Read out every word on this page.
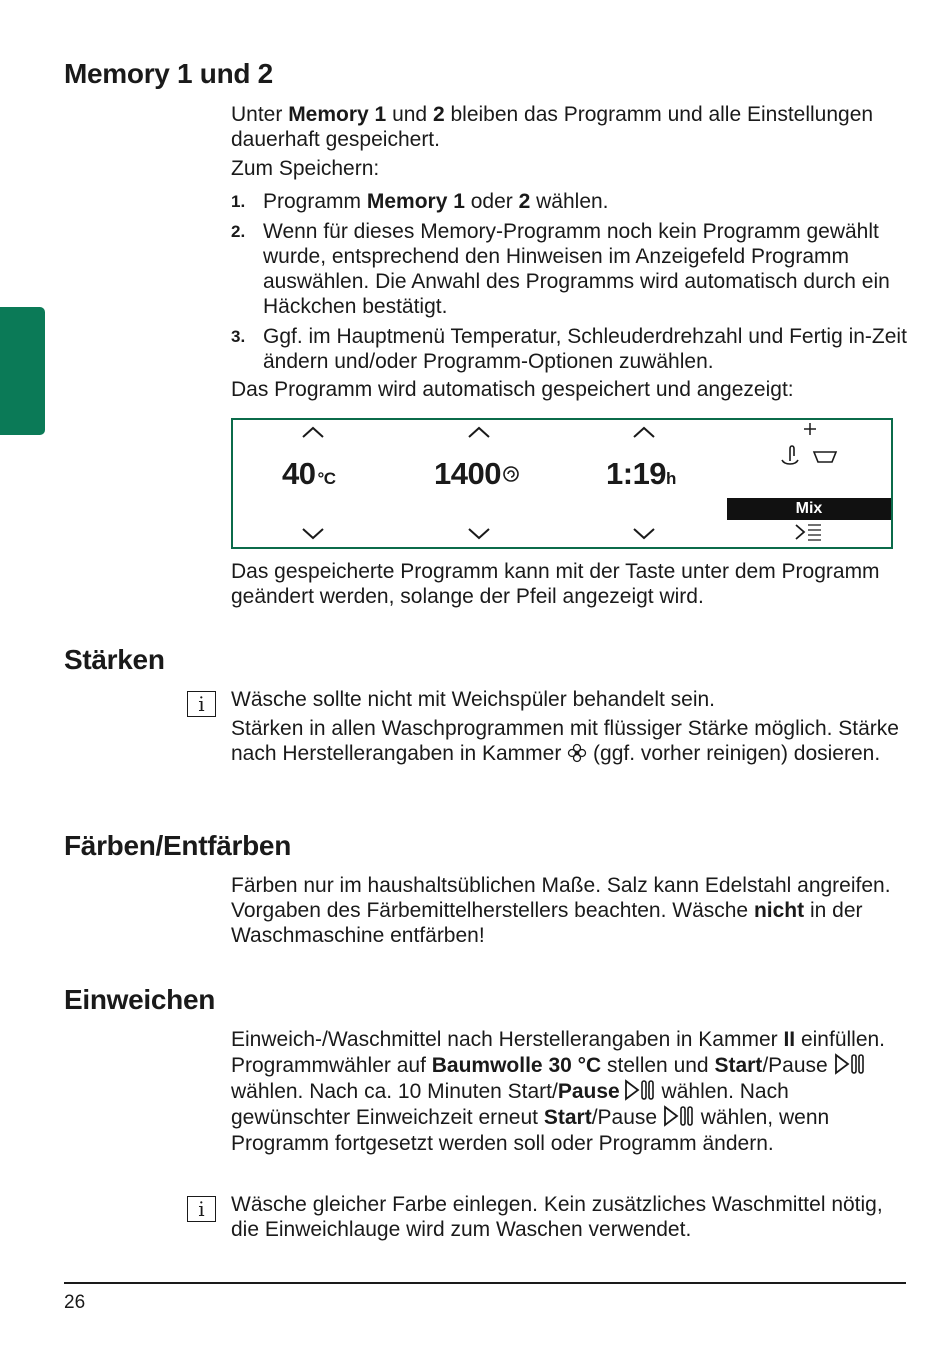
Memory 1 und 2

Unter Memory 1 und 2 bleiben das Programm und alle Einstellungen dauerhaft gespeichert.

Zum Speichern:

1. Programm Memory 1 oder 2 wählen.
2. Wenn für dieses Memory-Programm noch kein Programm gewählt wurde, entsprechend den Hinweisen im Anzeigefeld Programm auswählen. Die Anwahl des Programms wird automatisch durch ein Häckchen bestätigt.
3. Ggf. im Hauptmenü Temperatur, Schleuderdrehzahl und Fertig in-Zeit ändern und/oder Programm-Optionen zuwählen.

Das Programm wird automatisch gespeichert und angezeigt:

40 °C	1400	1:19h
Mix

Das gespeicherte Programm kann mit der Taste unter dem Programm geändert werden, solange der Pfeil angezeigt wird.

Stärken
i	Wäsche sollte nicht mit Weichspüler behandelt sein.

Stärken in allen Waschprogrammen mit flüssiger Stärke möglich. Stärke nach Herstellerangaben in Kammer  (ggf. vorher reinigen) dosieren.

Färben/Entfärben

Färben nur im haushaltsüblichen Maße. Salz kann Edelstahl angreifen. Vorgaben des Färbemittelherstellers beachten. Wäsche nicht in der Waschmaschine entfärben!

Einweichen

Einweich-/Waschmittel nach Herstellerangaben in Kammer II einfüllen. Programmwähler auf Baumwolle 30 °C stellen und Start/Pause  wählen. Nach ca. 10 Minuten Start/Pause wählen. Nach gewünschter Einweichzeit erneut Start/Pause  wählen, wenn Programm fortgesetzt werden soll oder Programm ändern.

i	Wäsche gleicher Farbe einlegen. Kein zusätzliches Waschmittel nötig, die Einweichlauge wird zum Waschen verwendet.

26
